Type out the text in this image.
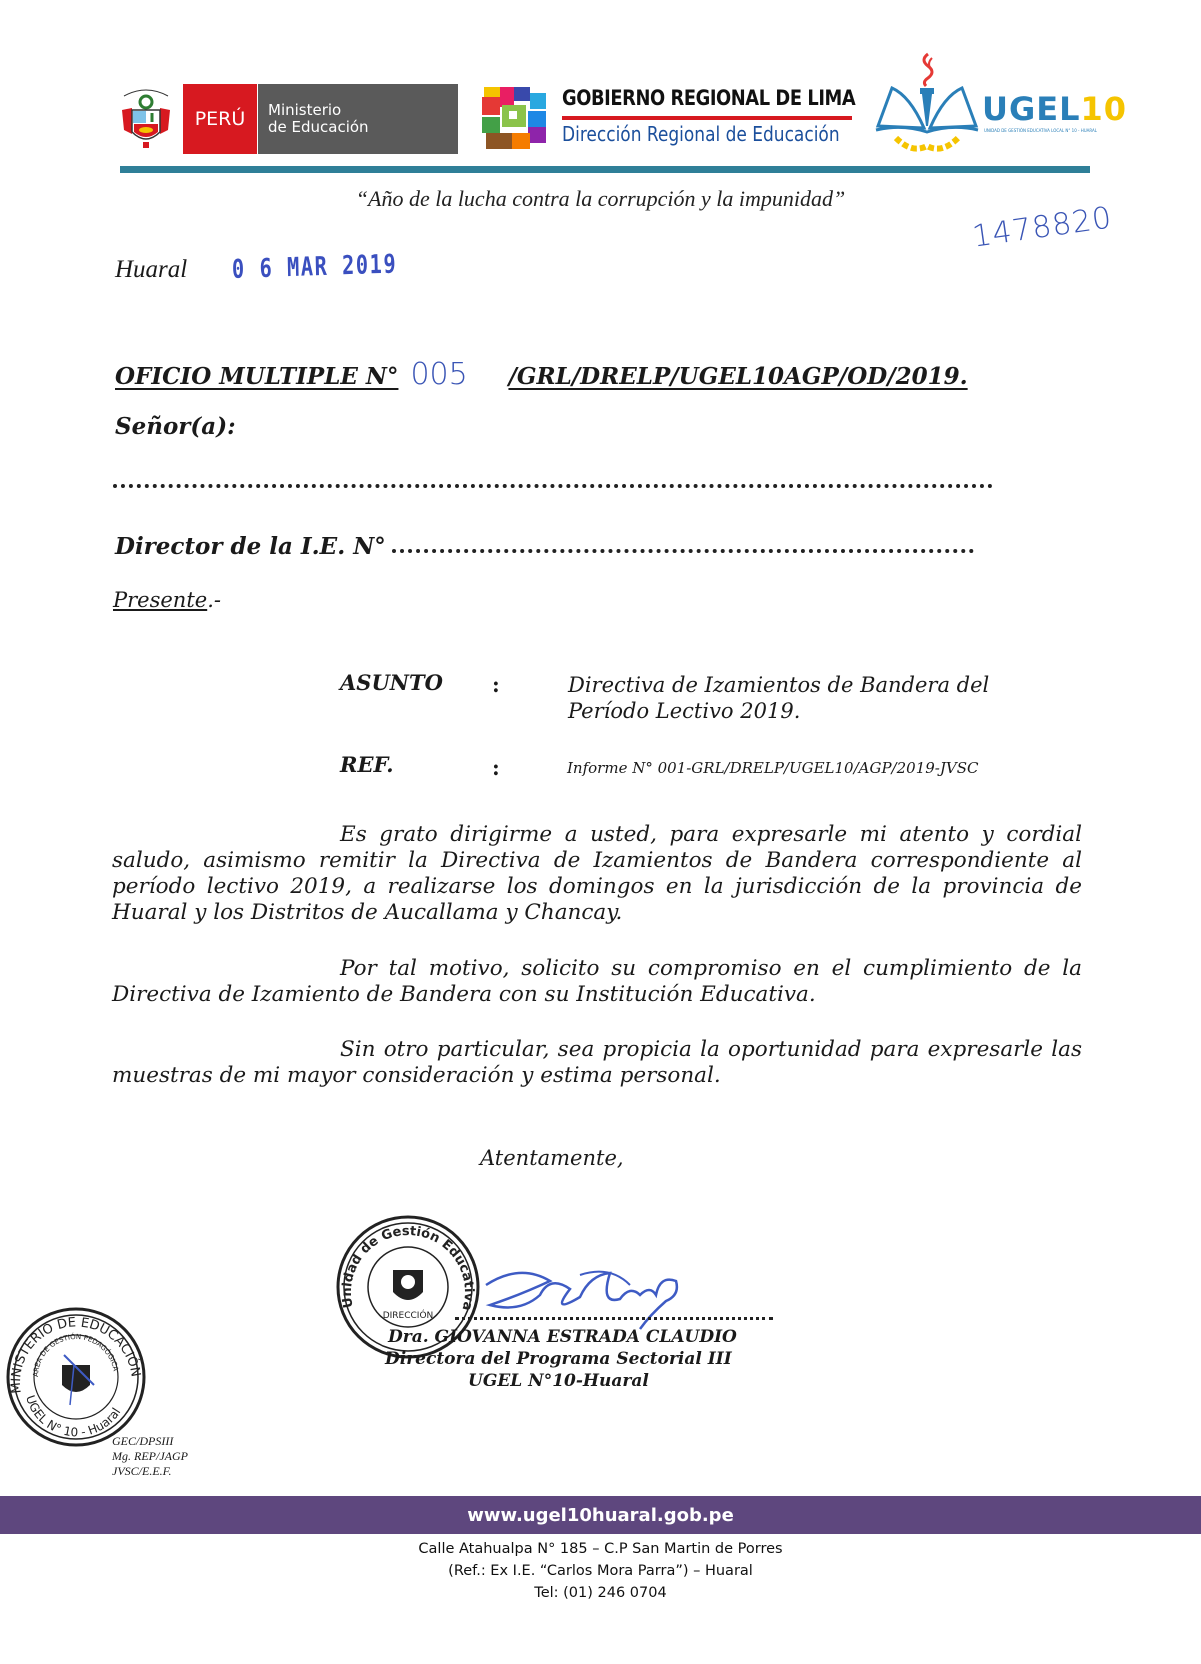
PERÚ Ministerio
de Educación
GOBIERNO REGIONAL DE LIMA
Dirección Regional de Educación
UGEL10
UNIDAD DE GESTIÓN EDUCATIVA LOCAL N° 10 - HUARAL
“Año de la lucha contra la corrupción y la impunidad”
1478820
Huaral 0 6 MAR 2019
OFICIO MULTIPLE N° 005 /GRL/DRELP/UGEL10AGP/OD/2019.
Señor(a):
Director de la I.E. N°
Presente.-
ASUNTO :	Directiva de Izamientos de Bandera del
Período Lectivo 2019.
REF.	:	Informe N° 001-GRL/DRELP/UGEL10/AGP/2019-JVSC
Es grato dirigirme a usted, para expresarle mi atento y cordial saludo, asimismo remitir la Directiva de Izamientos de Bandera correspondiente al período lectivo 2019, a realizarse los domingos en la jurisdicción de la provincia de Huaral y los Distritos de Aucallama y Chancay.
Por tal motivo, solicito su compromiso en el cumplimiento de la Directiva de Izamiento de Bandera con su Institución Educativa.
Sin otro particular, sea propicia la oportunidad para expresarle las muestras de mi mayor consideración y estima personal.
Atentamente,
Unidad de Gestión Educativa
DIRECCIÓN
Dra. GIOVANNA ESTRADA CLAUDIO
Directora del Programa Sectorial III
UGEL N°10-Huaral
MINISTERIO DE EDUCACIÓN
AREA DE GESTIÓN PEDAGÓGICA
UGEL N° 10 - Huaral
GEC/DPSIII
Mg. REP/JAGP
JVSC/E.E.F.
www.ugel10huaral.gob.pe
Calle Atahualpa N° 185 – C.P San Martin de Porres
(Ref.: Ex I.E. “Carlos Mora Parra”) – Huaral
Tel: (01) 246 0704
